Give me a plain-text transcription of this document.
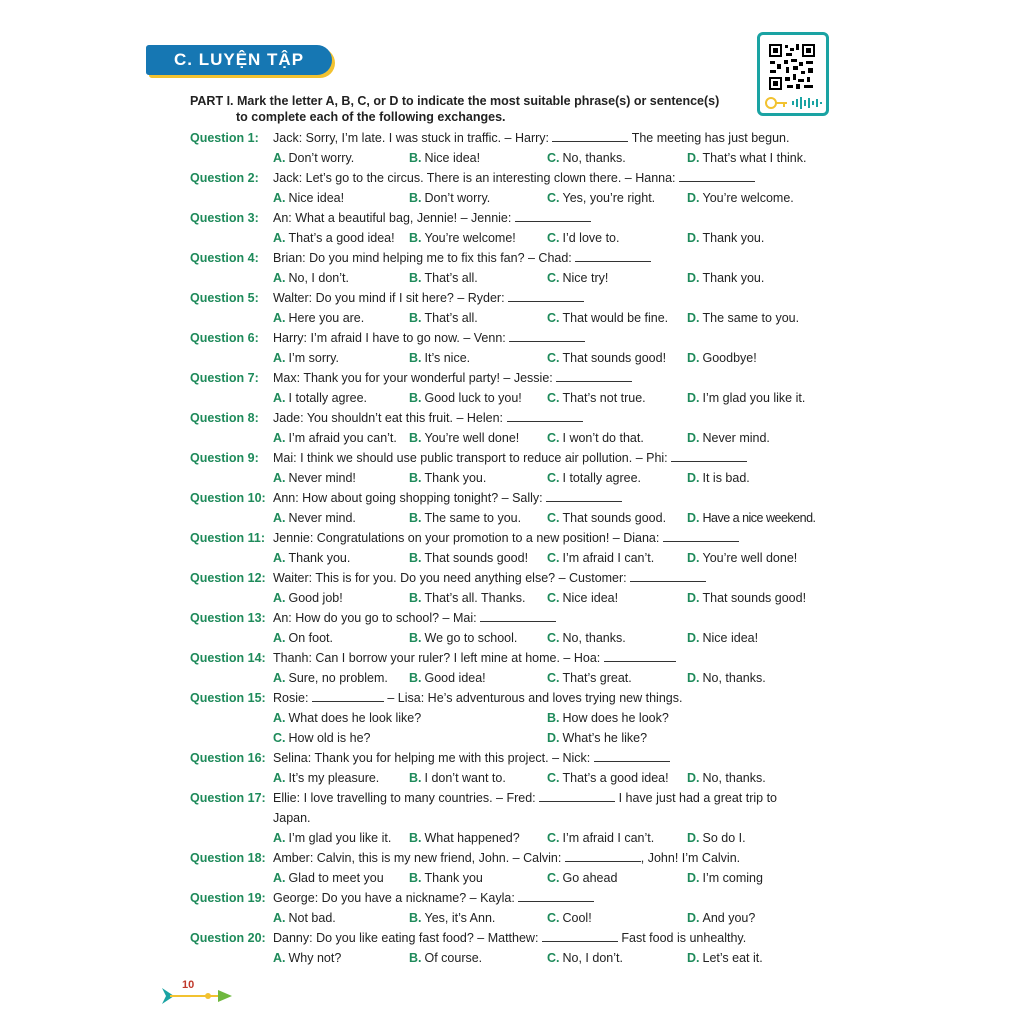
C. LUYỆN TẬP
PART I. Mark the letter A, B, C, or D to indicate the most suitable phrase(s) or sentence(s)
to complete each of the following exchanges.
Question 1: Jack: Sorry, I’m late. I was stuck in traffic. – Harry:	The meeting has just begun.
A. Don’t worry.	B. Nice idea!	C. No, thanks.	D. That’s what I think.
Question 2: Jack: Let’s go to the circus. There is an interesting clown there. – Hanna:
A. Nice idea!	B. Don’t worry.	C. Yes, you’re right.	D. You’re welcome.
Question 3: An: What a beautiful bag, Jennie! – Jennie:
A. That’s a good idea! B. You’re welcome! C. I’d love to.	D. Thank you.
Question 4: Brian: Do you mind helping me to fix this fan? – Chad:
A. No, I don’t.	B. That’s all.	C. Nice try!	D. Thank you.
Question 5: Walter: Do you mind if I sit here? – Ryder:
A. Here you are.	B. That’s all.	C. That would be fine. D. The same to you.
Question 6: Harry: I’m afraid I have to go now. – Venn:
A. I’m sorry.	B. It’s nice.	C. That sounds good! D. Goodbye!
Question 7: Max: Thank you for your wonderful party! – Jessie:
A. I totally agree.	B. Good luck to you! C. That’s not true.	D. I’m glad you like it.
Question 8: Jade: You shouldn’t eat this fruit. – Helen:
A. I’m afraid you can’t. B. You’re well done! C. I won’t do that.	D. Never mind.
Question 9: Mai: I think we should use public transport to reduce air pollution. – Phi:
A. Never mind!	B. Thank you.	C. I totally agree.	D. It is bad.
Question 10: Ann: How about going shopping tonight? – Sally:
A. Never mind.	B. The same to you. C. That sounds good. D. Have a nice weekend.
Question 11: Jennie: Congratulations on your promotion to a new position! – Diana:
A. Thank you.	B. That sounds good! C. I’m afraid I can’t.	D. You’re well done!
Question 12: Waiter: This is for you. Do you need anything else? – Customer:
A. Good job!	B. That’s all. Thanks. C. Nice idea!	D. That sounds good!
Question 13: An: How do you go to school? – Mai:
A. On foot.	B. We go to school. C. No, thanks.	D. Nice idea!
Question 14: Thanh: Can I borrow your ruler? I left mine at home. – Hoa:
A. Sure, no problem. B. Good idea!	C. That’s great.	D. No, thanks.
Question 15: Rosie:	– Lisa: He’s adventurous and loves trying new things.
A. What does he look like?	B. How does he look?
C. How old is he?	D. What’s he like?
Question 16: Selina: Thank you for helping me with this project. – Nick:
A. It’s my pleasure. B. I don’t want to.	C. That’s a good idea! D. No, thanks.
Question 17: Ellie: I love travelling to many countries. – Fred:	I have just had a great trip to
Japan.
A. I’m glad you like it. B. What happened? C. I’m afraid I can’t.	D. So do I.
Question 18: Amber: Calvin, this is my new friend, John. – Calvin:	, John! I’m Calvin.
A. Glad to meet you B. Thank you	C. Go ahead	D. I’m coming
Question 19: George: Do you have a nickname? – Kayla:
A. Not bad.	B. Yes, it’s Ann.	C. Cool!	D. And you?
Question 20: Danny: Do you like eating fast food? – Matthew:	Fast food is unhealthy.
A. Why not?	B. Of course.	C. No, I don’t.	D. Let’s eat it.
10
